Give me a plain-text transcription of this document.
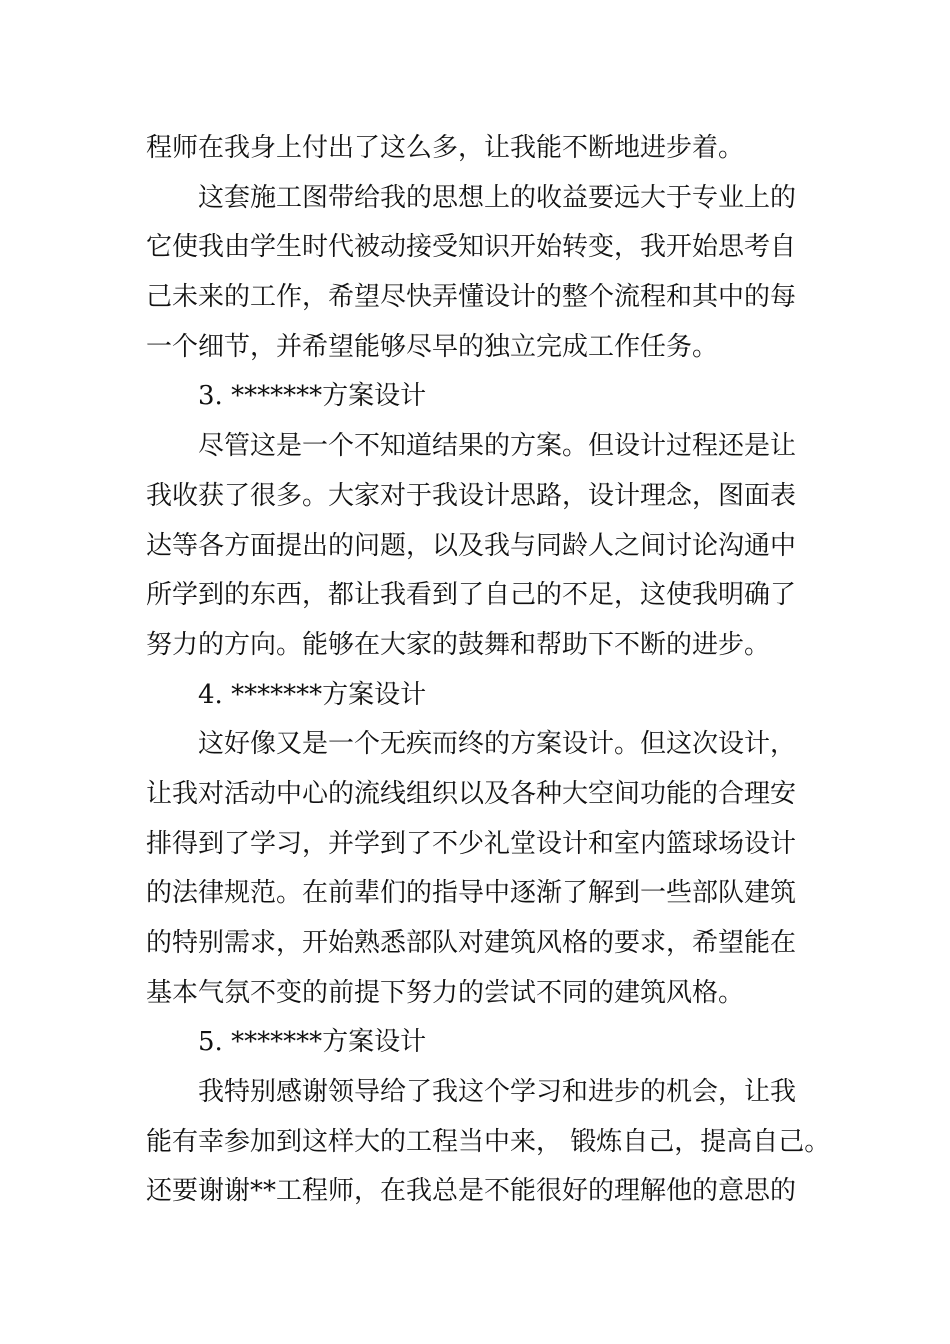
程师在我身上付出了这么多，让我能不断地进步着。
这套施工图带给我的思想上的收益要远大于专业上的
它使我由学生时代被动接受知识开始转变，我开始思考自
己未来的工作，希望尽快弄懂设计的整个流程和其中的每
一个细节，并希望能够尽早的独立完成工作任务。
3. *******方案设计
尽管这是一个不知道结果的方案。但设计过程还是让
我收获了很多。大家对于我设计思路，设计理念，图面表
达等各方面提出的问题，以及我与同龄人之间讨论沟通中
所学到的东西，都让我看到了自己的不足，这使我明确了
努力的方向。能够在大家的鼓舞和帮助下不断的进步。
4. *******方案设计
这好像又是一个无疾而终的方案设计。但这次设计，
让我对活动中心的流线组织以及各种大空间功能的合理安
排得到了学习，并学到了不少礼堂设计和室内篮球场设计
的法律规范。在前辈们的指导中逐渐了解到一些部队建筑
的特别需求，开始熟悉部队对建筑风格的要求，希望能在
基本气氛不变的前提下努力的尝试不同的建筑风格。
5. *******方案设计
我特别感谢领导给了我这个学习和进步的机会，让我
能有幸参加到这样大的工程当中来， 锻炼自己，提高自己。
还要谢谢**工程师，在我总是不能很好的理解他的意思的
